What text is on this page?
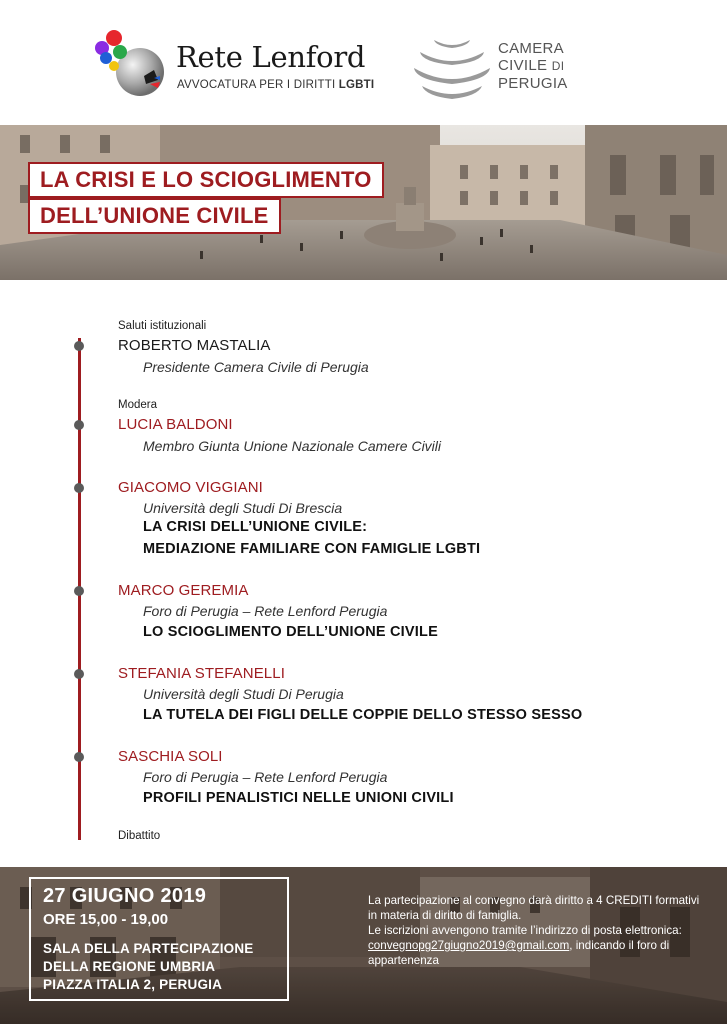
Rete Lenford
AVVOCATURA PER I DIRITTI LGBTI
CAMERA
CIVILE DI
PERUGIA
LA CRISI E LO SCIOGLIMENTO
DELL’UNIONE CIVILE
Saluti istituzionali
ROBERTO MASTALIA
Presidente Camera Civile di Perugia
Modera
LUCIA BALDONI
Membro Giunta Unione Nazionale Camere Civili
GIACOMO VIGGIANI
Università degli Studi Di Brescia
LA CRISI DELL’UNIONE CIVILE:
MEDIAZIONE FAMILIARE CON FAMIGLIE LGBTI
MARCO GEREMIA
Foro di Perugia – Rete Lenford Perugia
LO SCIOGLIMENTO DELL’UNIONE CIVILE
STEFANIA STEFANELLI
Università degli Studi Di Perugia
LA TUTELA DEI FIGLI DELLE COPPIE DELLO STESSO SESSO
SASCHIA SOLI
Foro di Perugia – Rete Lenford Perugia
PROFILI PENALISTICI NELLE UNIONI CIVILI
Dibattito
27 GIUGNO 2019
ORE 15,00 - 19,00
SALA DELLA PARTECIPAZIONE
DELLA REGIONE UMBRIA
PIAZZA ITALIA 2, PERUGIA

La partecipazione al convegno darà diritto a 4 CREDITI formativi in materia di diritto di famiglia.

Le iscrizioni avvengono tramite l’indirizzo di posta elettronica: convegnopg27giugno2019@gmail.com, indicando il foro di appartenenza
